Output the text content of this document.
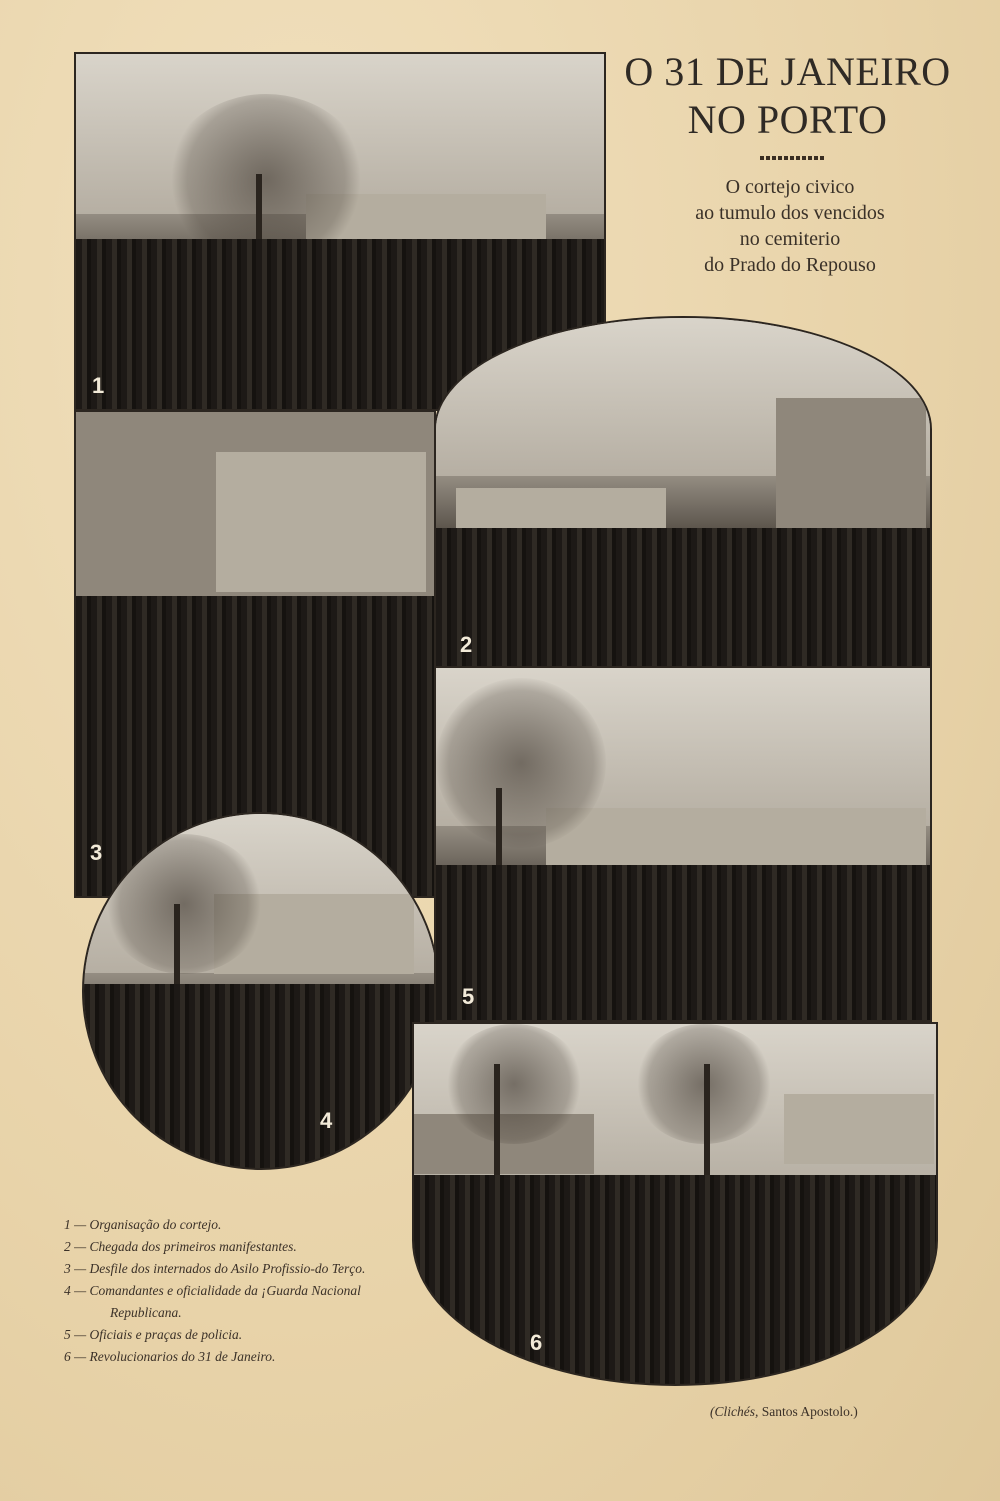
O 31 DE JANEIRO
NO PORTO
O cortejo civico
ao tumulo dos vencidos
no cemiterio
do Prado do Repouso
1
2
4
5
6
1 — Organisação do cortejo.
2 — Chegada dos primeiros manifestantes.
3 — Desfile dos internados do Asilo Profissio-do Terço.
4 — Comandantes e oficialidade da ¡Guarda Nacional Republicana.
5 — Oficiais e praças de policia.
6 — Revolucionarios do 31 de Janeiro.
(Clichés, Santos Apostolo.)
